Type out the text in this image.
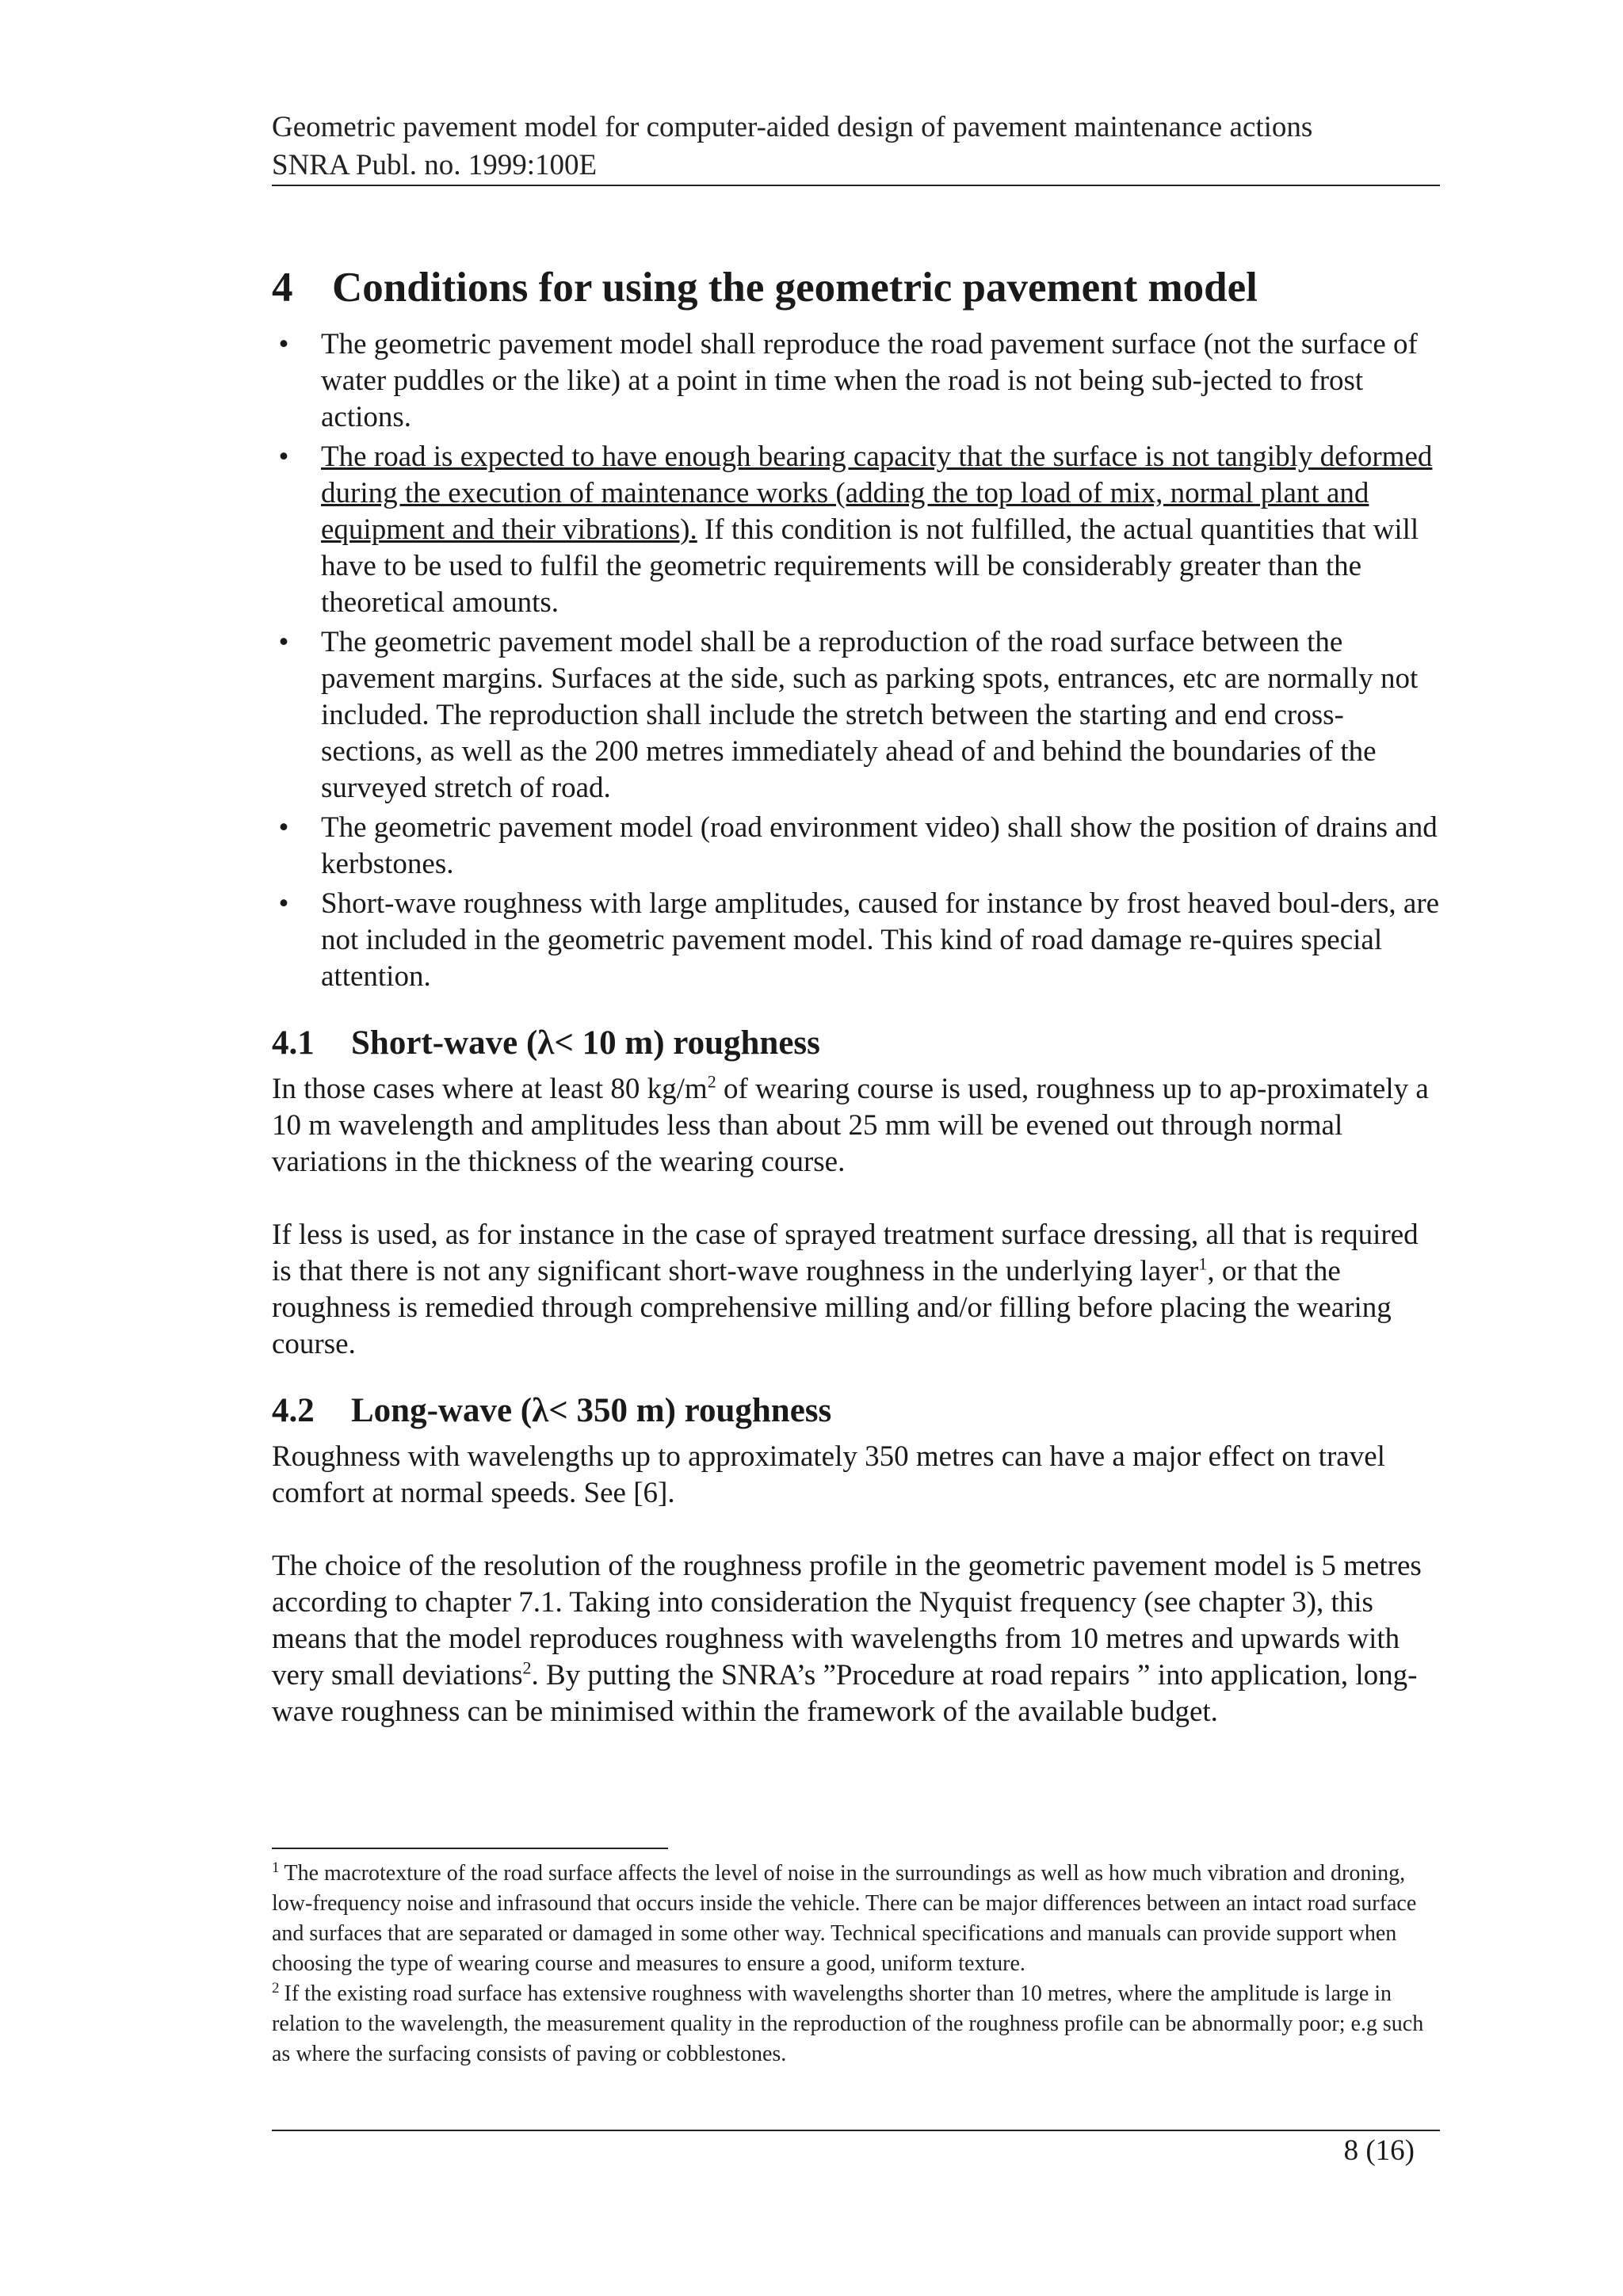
Geometric pavement model for computer-aided design of pavement maintenance actions
SNRA Publ. no. 1999:100E
4 Conditions for using the geometric pavement model
• The geometric pavement model shall reproduce the road pavement surface (not the surface of water puddles or the like) at a point in time when the road is not being sub-jected to frost actions.
• The road is expected to have enough bearing capacity that the surface is not tangibly deformed during the execution of maintenance works (adding the top load of mix, normal plant and equipment and their vibrations). If this condition is not fulfilled, the actual quantities that will have to be used to fulfil the geometric requirements will be considerably greater than the theoretical amounts.
• The geometric pavement model shall be a reproduction of the road surface between the pavement margins. Surfaces at the side, such as parking spots, entrances, etc are normally not included. The reproduction shall include the stretch between the starting and end cross-sections, as well as the 200 metres immediately ahead of and behind the boundaries of the surveyed stretch of road.
• The geometric pavement model (road environment video) shall show the position of drains and kerbstones.
• Short-wave roughness with large amplitudes, caused for instance by frost heaved boul-ders, are not included in the geometric pavement model. This kind of road damage re-quires special attention.
4.1 Short-wave (λ< 10 m) roughness

In those cases where at least 80 $kg/m^2$ of wearing course is used, roughness up to ap-proximately a 10 m wavelength and amplitudes less than about 25 mm will be evened out through normal variations in the thickness of the wearing course.

If less is used, as for instance in the case of sprayed treatment surface dressing, all that is required is that there is not any significant short-wave roughness in the underlying layer$^1$, or that the roughness is remedied through comprehensive milling and/or filling before placing the wearing course.

4.2 Long-wave (λ< 350 m) roughness

Roughness with wavelengths up to approximately 350 metres can have a major effect on travel comfort at normal speeds. See [6].

The choice of the resolution of the roughness profile in the geometric pavement model is 5 metres according to chapter 7.1. Taking into consideration the Nyquist frequency (see chapter 3), this means that the model reproduces roughness with wavelengths from 10 metres and upwards with very small deviations$^2$. By putting the SNRA’s ”Procedure at road repairs ” into application, long-wave roughness can be minimised within the framework of the available budget.

$^1$ The macrotexture of the road surface affects the level of noise in the surroundings as well as how much vibration and droning, low-frequency noise and infrasound that occurs inside the vehicle. There can be major differences between an intact road surface and surfaces that are separated or damaged in some other way. Technical specifications and manuals can provide support when choosing the type of wearing course and measures to ensure a good, uniform texture.

$^2$ If the existing road surface has extensive roughness with wavelengths shorter than 10 metres, where the amplitude is large in relation to the wavelength, the measurement quality in the reproduction of the roughness profile can be abnormally poor; e.g such as where the surfacing consists of paving or cobblestones.

8 (16)
